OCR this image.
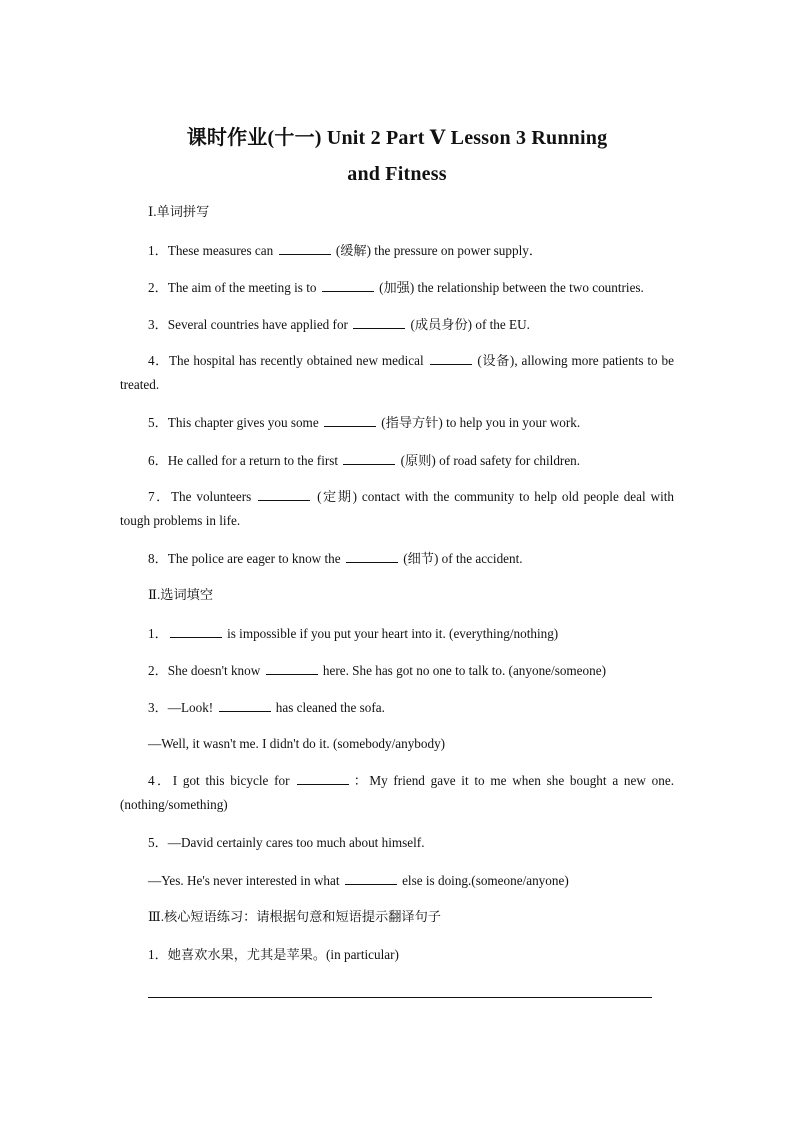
课时作业(十一) Unit 2 Part Ⅴ Lesson 3 Running
and Fitness
Ⅰ.单词拼写
1．These measures can	(缓解) the pressure on power supply．
2．The aim of the meeting is to	(加强) the relationship between the two countries.
3．Several countries have applied for	(成员身份) of the EU.
4．The hospital has recently obtained new medical	(设备), allowing more patients to be treated.
5．This chapter gives you some	(指导方针) to help you in your work.
6．He called for a return to the first	(原则) of road safety for children.
7．The volunteers	(定期) contact with the community to help old people deal with tough problems in life.
8．The police are eager to know the	(细节) of the accident.
Ⅱ.选词填空
1．	is impossible if you put your heart into it. (everything/nothing)
2．She doesn't know	here. She has got no one to talk to. (anyone/someone)
3．—Look!	has cleaned the sofa.
—Well, it wasn't me. I didn't do it. (somebody/anybody)
4．I got this bicycle for	：My friend gave it to me when she bought a new one. (nothing/something)
5．—David certainly cares too much about himself.
—Yes. He's never interested in what	else is doing.(someone/anyone)
Ⅲ.核心短语练习：请根据句意和短语提示翻译句子
1．她喜欢水果，尤其是苹果。(in particular)
